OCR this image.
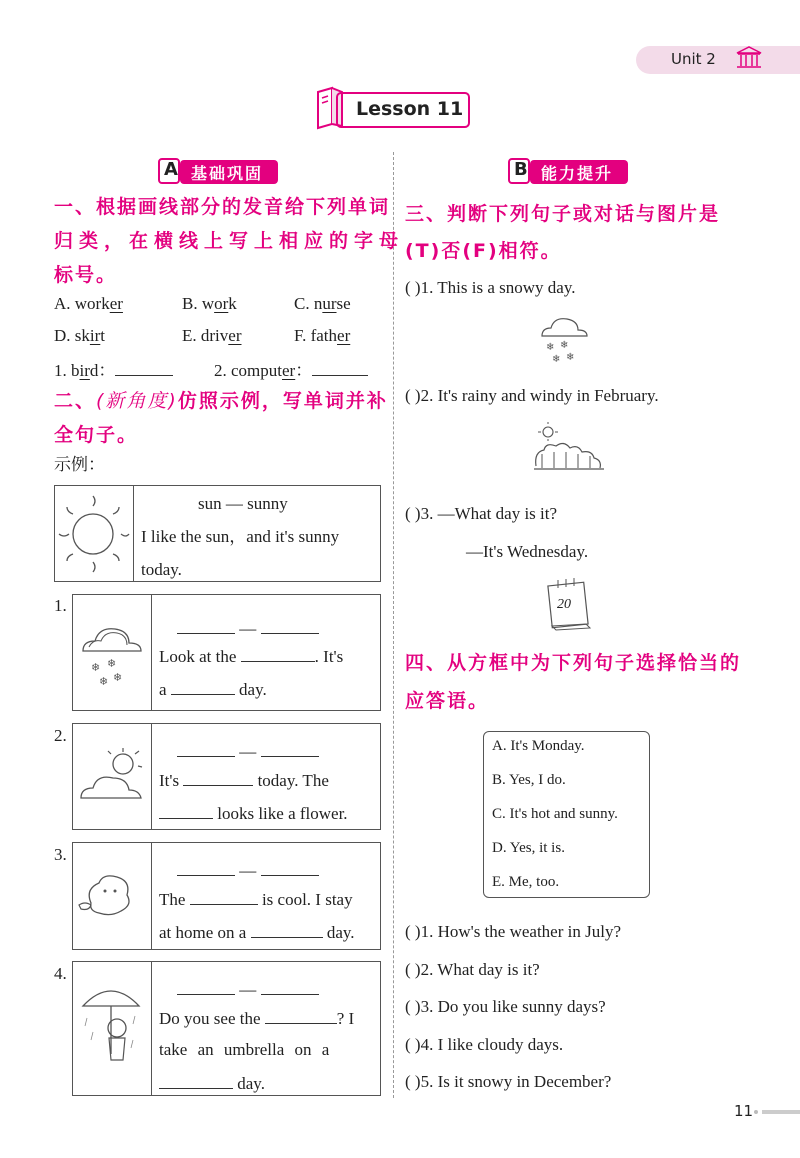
Unit 2
Lesson 11
A 基础巩固	B 能力提升
一、根据画线部分的发音给下列单词
归类，在横线上写上相应的字母
标号。
A. worker	B. work	C. nurse
D. skirt	E. driver	F. father
1. bird：	2. computer：
二、(新角度)仿照示例，写单词并补
全句子。
示例：
sun — sunny
I like the sun，and it's sunny
today.
1.
❄ ❄
❄ ❄
—
Look at the	. It's
a	day.
2.
—
It's	today. The
looks like a flower.
3.
—
The	is cool. I stay
at home on a	day.
4.
—
Do you see the	? I
take an umbrella on a
day.
三、判断下列句子或对话与图片是
(T)否(F)相符。
( )1. This is a snowy day.
❄ ❄
❄ ❄
( )2. It's rainy and windy in February.
( )3. —What day is it?
—It's Wednesday.
20
四、从方框中为下列句子选择恰当的
应答语。
A. It's Monday.
B. Yes, I do.
C. It's hot and sunny.
D. Yes, it is.
E. Me, too.
( )1. How's the weather in July?
( )2. What day is it?
( )3. Do you like sunny days?
( )4. I like cloudy days.
( )5. Is it snowy in December?
11
